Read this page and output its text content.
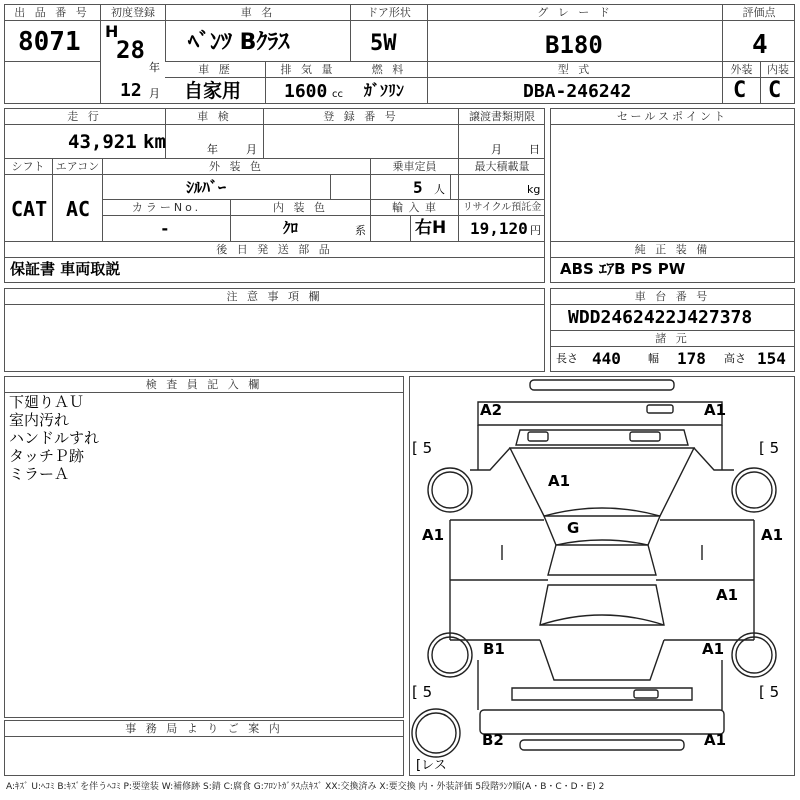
出 品 番 号
8071
初度登録
H
28
年
12 月
車 名
ﾍﾞﾝﾂ Bｸﾗｽ
ドア形状
5W
グ レ ー ド
B180
評価点
4
車 歴
自家用
排 気 量
1600 cc
燃 料
ｶﾞｿﾘﾝ
型 式
DBA-246242
外装
C
内装
C
走 行
43,921 km
車 検
年	月
登 録 番 号	譲渡書類期限
月 日
シフト
CAT
エアコン
AC
外 装 色
ｼﾙﾊﾞｰ
乗車定員
5 人
最大積載量
kg
カラーNo.
-
内 装 色
ｸﾛ	系
輸 入 車
右H
リサイクル預託金
19,120 円
後 日 発 送 部 品
保証書 車両取説
注 意 事 項 欄
セールスポイント
純 正 装 備
ABS ｴｱB PS PW
車 台 番 号
WDD2462422J427378
諸 元
長さ 440 幅 178 高さ 154
検 査 員 記 入 欄
下廻りＡＵ
室内汚れ
ハンドルすれ
タッチＰ跡
ミラーＡ
事 務 局 よ り ご 案 内
[ 5	[ 5
[ 5	[ 5
[レス
A2	A1
A1
G
A1	A1
A1
B1	A1
B2	A1
A:ｷｽﾞ U:ﾍｺﾐ B:ｷｽﾞを伴うﾍｺﾐ P:要塗装 W:補修跡 S:錆 C:腐食 G:ﾌﾛﾝﾄｶﾞﾗｽ点ｷｽﾞ XX:交換済み X:要交換 内・外装評価 5段階ﾗﾝｸ順(A・B・C・D・E) 2
